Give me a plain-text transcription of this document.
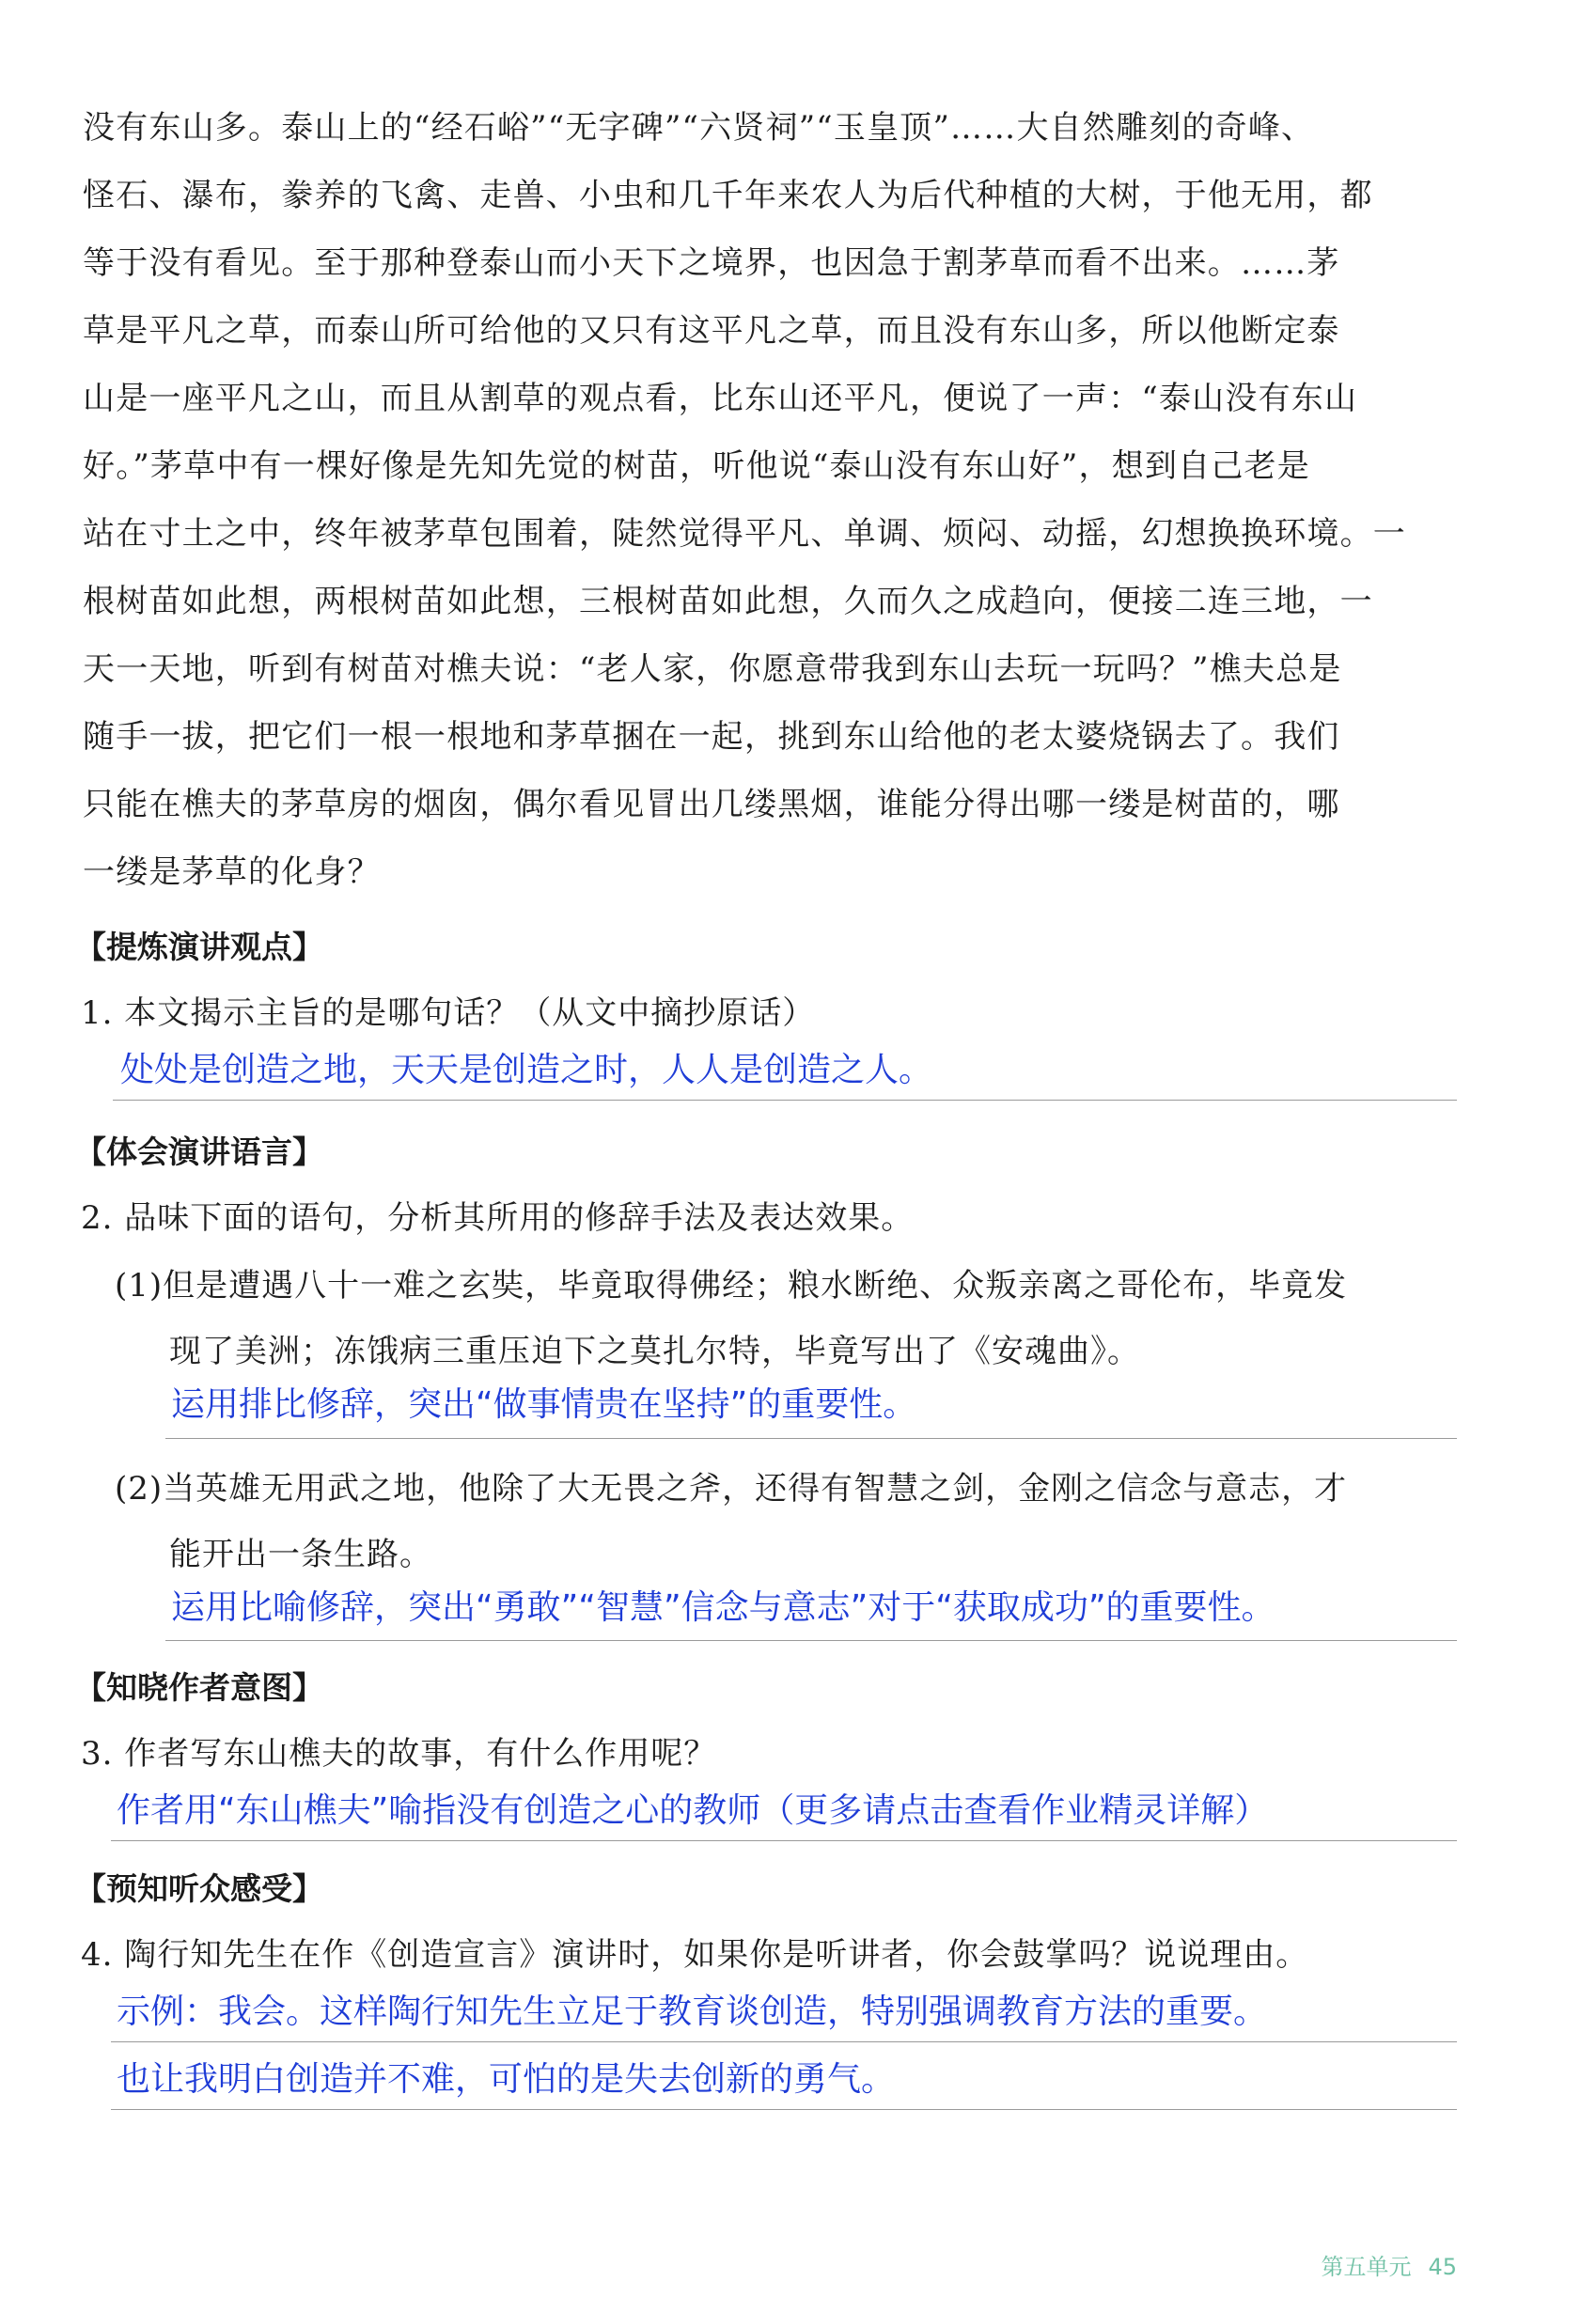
没有东山多。泰山上的“经石峪”“无字碑”“六贤祠”“玉皇顶”……大自然雕刻的奇峰、
怪石、瀑布，豢养的飞禽、走兽、小虫和几千年来农人为后代种植的大树，于他无用，都
等于没有看见。至于那种登泰山而小天下之境界，也因急于割茅草而看不出来。……茅
草是平凡之草，而泰山所可给他的又只有这平凡之草，而且没有东山多，所以他断定泰
山是一座平凡之山，而且从割草的观点看，比东山还平凡，便说了一声：“泰山没有东山
好。”茅草中有一棵好像是先知先觉的树苗，听他说“泰山没有东山好”，想到自己老是
站在寸土之中，终年被茅草包围着，陡然觉得平凡、单调、烦闷、动摇，幻想换换环境。一
根树苗如此想，两根树苗如此想，三根树苗如此想，久而久之成趋向，便接二连三地，一
天一天地，听到有树苗对樵夫说：“老人家，你愿意带我到东山去玩一玩吗？”樵夫总是
随手一拔，把它们一根一根地和茅草捆在一起，挑到东山给他的老太婆烧锅去了。我们
只能在樵夫的茅草房的烟囱，偶尔看见冒出几缕黑烟，谁能分得出哪一缕是树苗的，哪
一缕是茅草的化身？
【提炼演讲观点】
1. 本文揭示主旨的是哪句话？（从文中摘抄原话）
处处是创造之地，天天是创造之时，人人是创造之人。
【体会演讲语言】
2. 品味下面的语句，分析其所用的修辞手法及表达效果。
(1)但是遭遇八十一难之玄奘，毕竟取得佛经；粮水断绝、众叛亲离之哥伦布，毕竟发
现了美洲；冻饿病三重压迫下之莫扎尔特，毕竟写出了《安魂曲》。
运用排比修辞，突出“做事情贵在坚持”的重要性。
(2)当英雄无用武之地，他除了大无畏之斧，还得有智慧之剑，金刚之信念与意志，才
能开出一条生路。
运用比喻修辞，突出“勇敢”“智慧”信念与意志”对于“获取成功”的重要性。
【知晓作者意图】
3. 作者写东山樵夫的故事，有什么作用呢？
作者用“东山樵夫”喻指没有创造之心的教师（更多请点击查看作业精灵详解）
【预知听众感受】
4. 陶行知先生在作《创造宣言》演讲时，如果你是听讲者，你会鼓掌吗？说说理由。
示例：我会。这样陶行知先生立足于教育谈创造，特别强调教育方法的重要。
也让我明白创造并不难，可怕的是失去创新的勇气。
第五单元 45
